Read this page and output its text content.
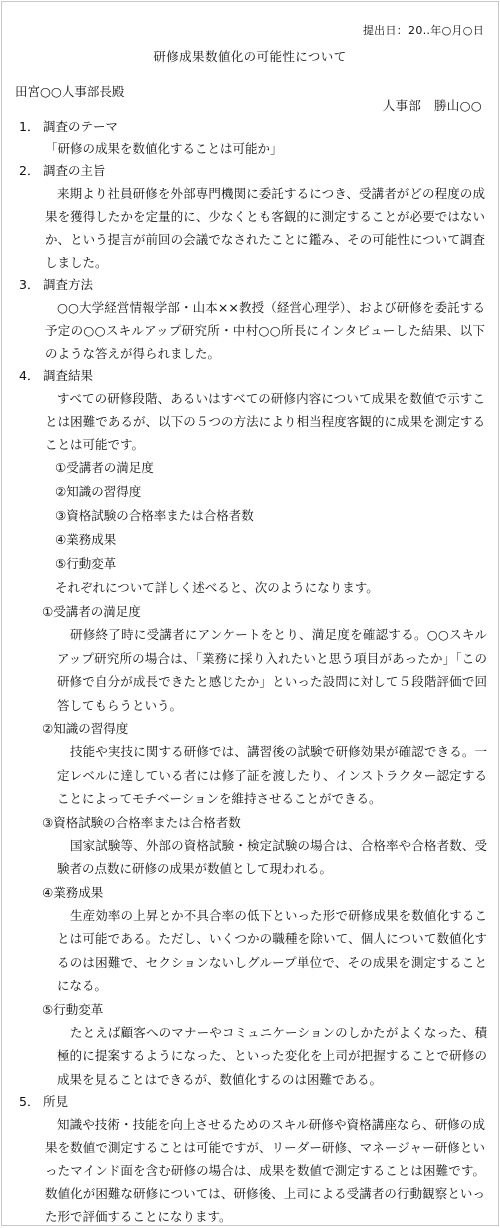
提出日：20‥年○月○日
研修成果数値化の可能性について
田宮○○人事部長殿
人事部　勝山○○
1． 調査のテーマ
「研修の成果を数値化することは可能か」
2． 調査の主旨

来期より社員研修を外部専門機関に委託するにつき、受講者がどの程度の成果を獲得したかを定量的に、少なくとも客観的に測定することが必要ではないか、という提言が前回の会議でなされたことに鑑み、その可能性について調査しました。

3． 調査方法

○○大学経営情報学部・山本××教授（経営心理学）、および研修を委託する予定の○○スキルアップ研究所・中村○○所長にインタビューした結果、以下のような答えが得られました。

4． 調査結果

すべての研修段階、あるいはすべての研修内容について成果を数値で示すことは困難であるが、以下の５つの方法により相当程度客観的に成果を測定することは可能です。

①受講者の満足度
②知識の習得度
③資格試験の合格率または合格者数
④業務成果
⑤行動変革

それぞれについて詳しく述べると、次のようになります。

①受講者の満足度

研修終了時に受講者にアンケートをとり、満足度を確認する。○○スキルアップ研究所の場合は、「業務に採り入れたいと思う項目があったか」「この研修で自分が成長できたと感じたか」といった設問に対して５段階評価で回答してもらうという。

②知識の習得度

技能や実技に関する研修では、講習後の試験で研修効果が確認できる。一定レベルに達している者には修了証を渡したり、インストラクター認定することによってモチベーションを維持させることができる。

③資格試験の合格率または合格者数

国家試験等、外部の資格試験・検定試験の場合は、合格率や合格者数、受験者の点数に研修の成果が数値として現われる。

④業務成果

生産効率の上昇とか不具合率の低下といった形で研修成果を数値化することは可能である。ただし、いくつかの職種を除いて、個人について数値化するのは困難で、セクションないしグループ単位で、その成果を測定することになる。

⑤行動変革

たとえば顧客へのマナーやコミュニケーションのしかたがよくなった、積極的に提案するようになった、といった変化を上司が把握することで研修の成果を見ることはできるが、数値化するのは困難である。

5． 所見

知識や技術・技能を向上させるためのスキル研修や資格講座なら、研修の成果を数値で測定することは可能ですが、リーダー研修、マネージャー研修といったマインド面を含む研修の場合は、成果を数値で測定することは困難です。数値化が困難な研修については、研修後、上司による受講者の行動観察といった形で評価することになります。
